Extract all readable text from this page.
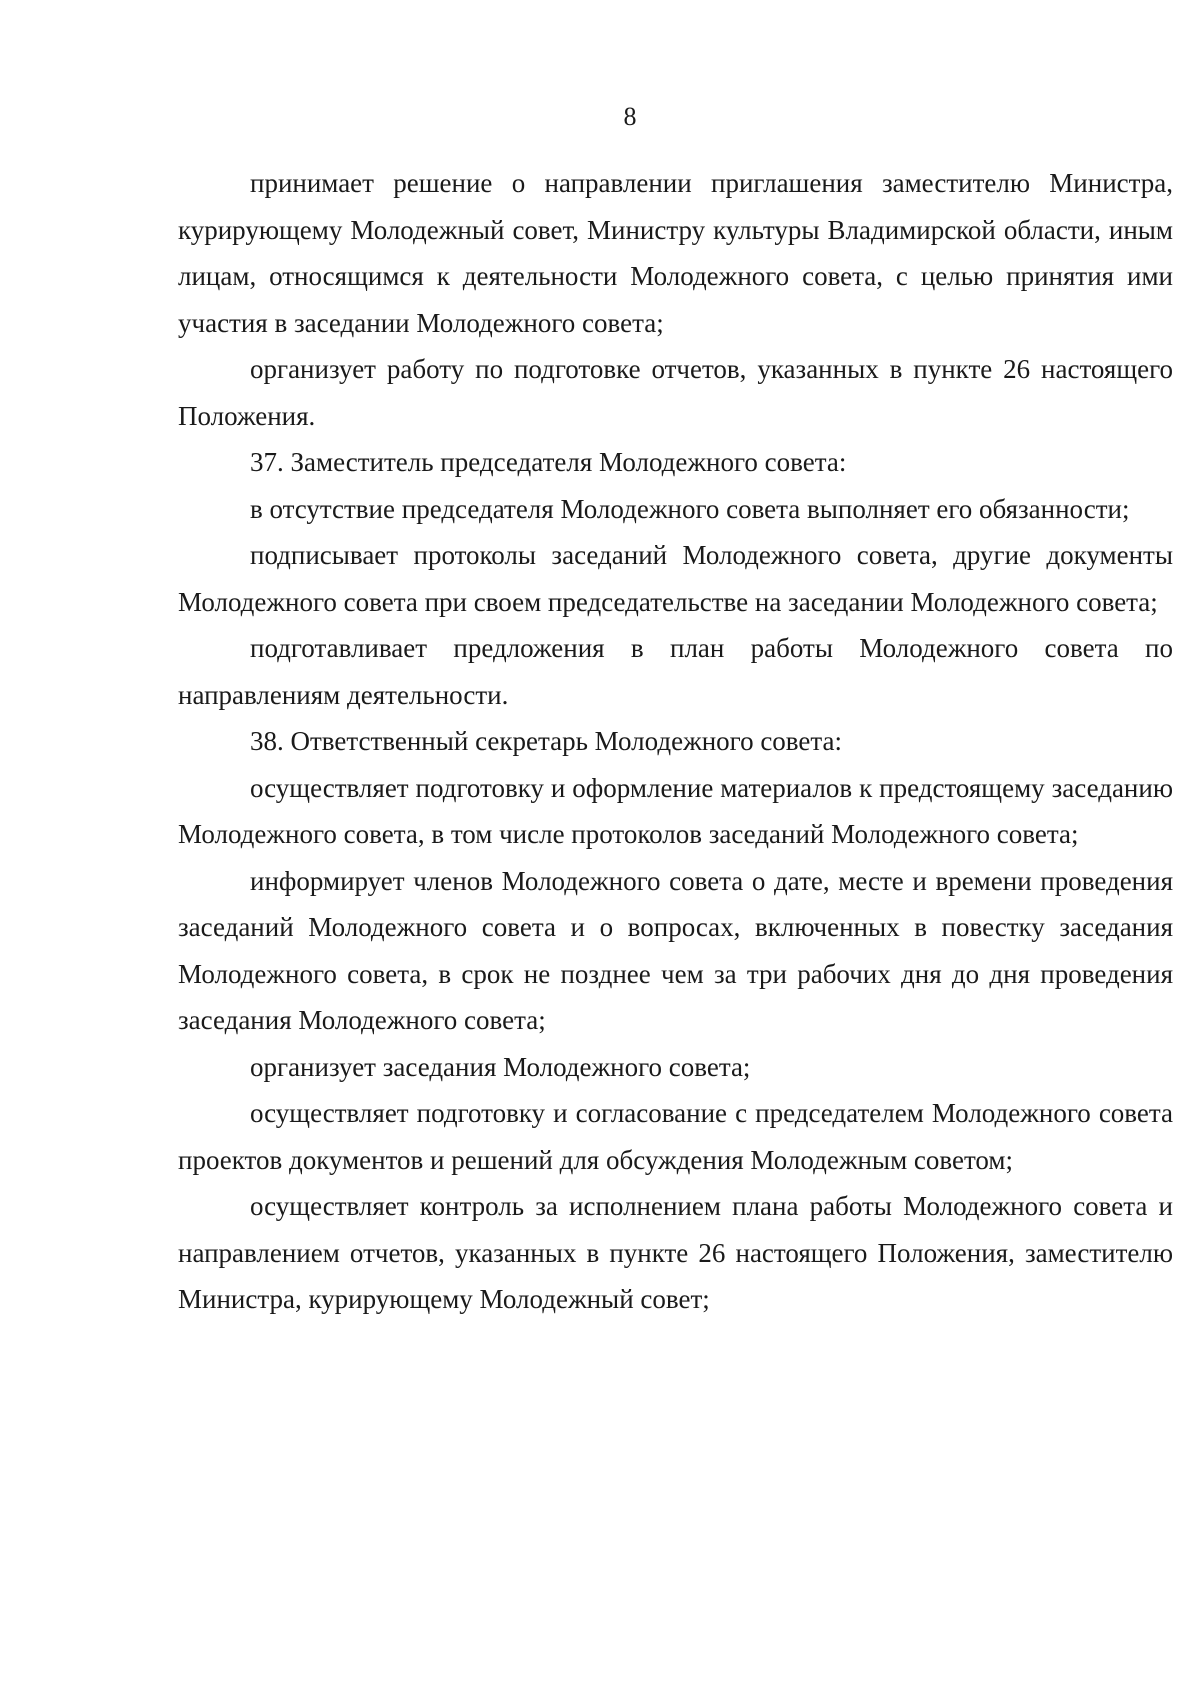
8

принимает решение о направлении приглашения заместителю Министра, курирующему Молодежный совет, Министру культуры Владимирской области, иным лицам, относящимся к деятельности Молодежного совета, с целью принятия ими участия в заседании Молодежного совета;

организует работу по подготовке отчетов, указанных в пункте 26 настоящего Положения.

37. Заместитель председателя Молодежного совета:

в отсутствие председателя Молодежного совета выполняет его обязанности;

подписывает протоколы заседаний Молодежного совета, другие документы Молодежного совета при своем председательстве на заседании Молодежного совета;

подготавливает предложения в план работы Молодежного совета по направлениям деятельности.

38. Ответственный секретарь Молодежного совета:

осуществляет подготовку и оформление материалов к предстоящему заседанию Молодежного совета, в том числе протоколов заседаний Молодежного совета;

информирует членов Молодежного совета о дате, месте и времени проведения заседаний Молодежного совета и о вопросах, включенных в повестку заседания Молодежного совета, в срок не позднее чем за три рабочих дня до дня проведения заседания Молодежного совета;

организует заседания Молодежного совета;

осуществляет подготовку и согласование с председателем Молодежного совета проектов документов и решений для обсуждения Молодежным советом;

осуществляет контроль за исполнением плана работы Молодежного совета и направлением отчетов, указанных в пункте 26 настоящего Положения, заместителю Министра, курирующему Молодежный совет;
